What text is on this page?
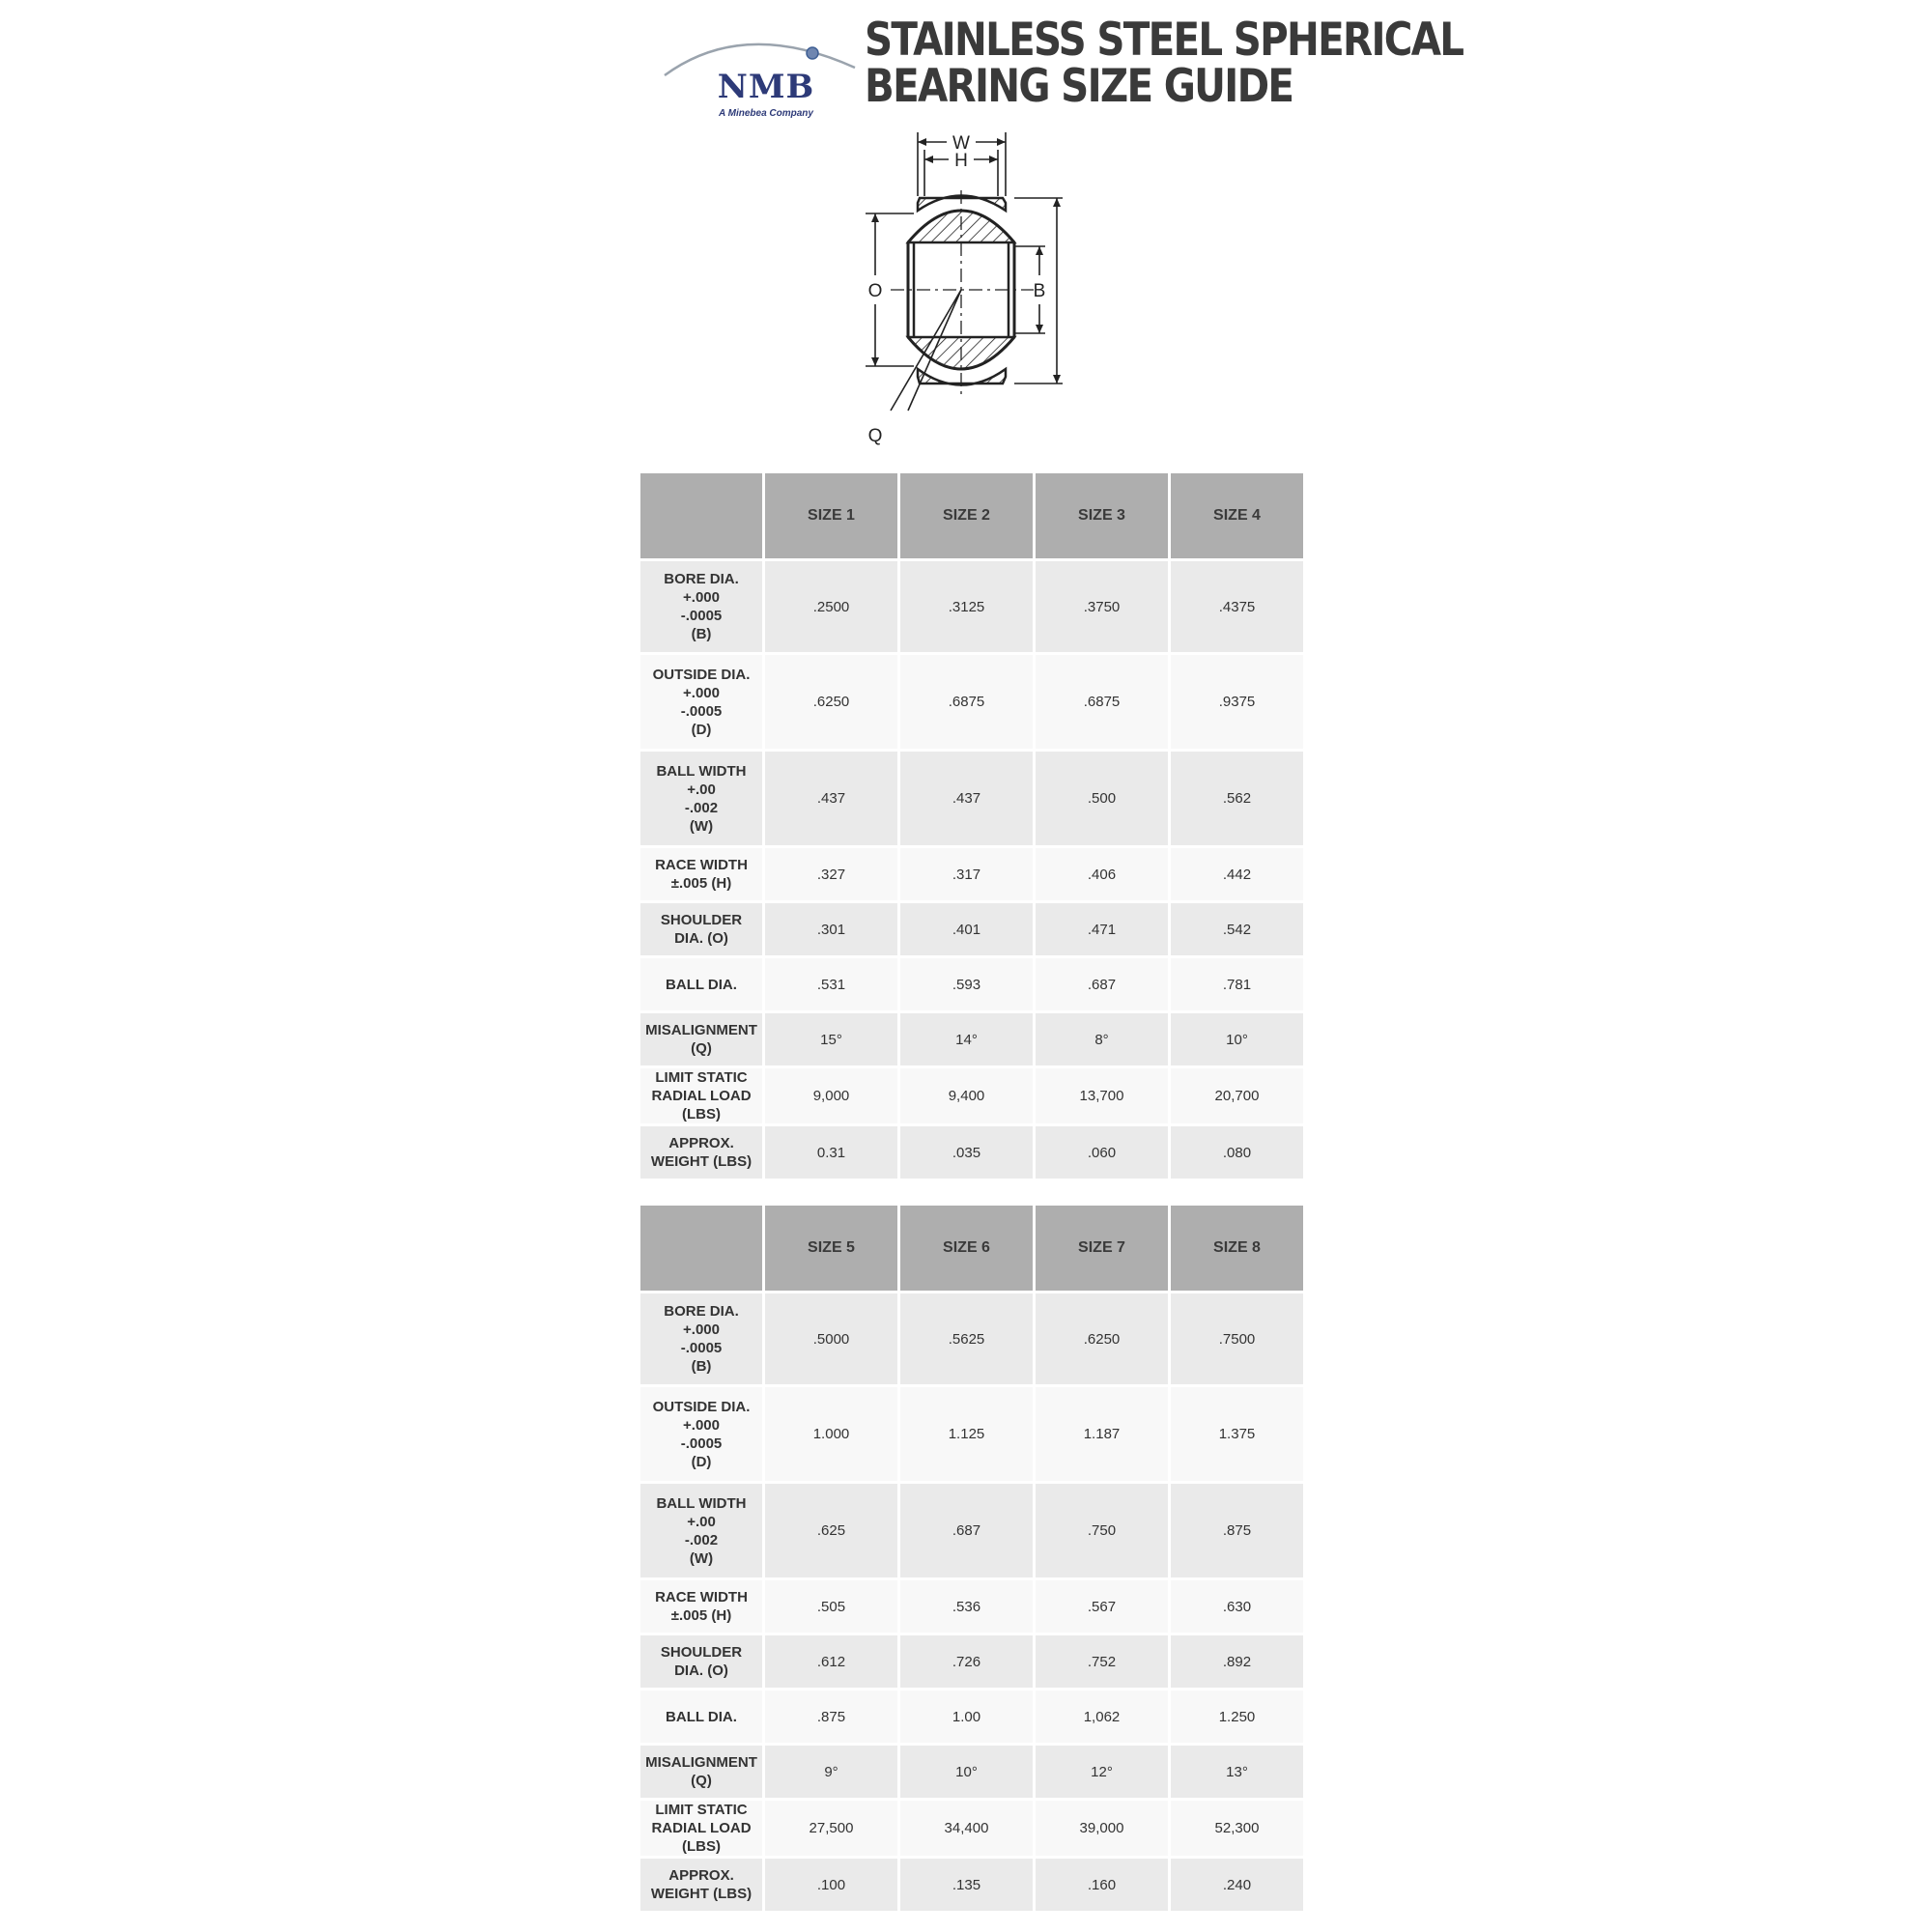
NMB
A Minebea Company
STAINLESS STEEL SPHERICAL
BEARING SIZE GUIDE
W
H
O	B
Q
	SIZE 1	SIZE 2	SIZE 3	SIZE 4
BORE DIA.
+.000
-.0005
(B)	.2500	.3125	.3750	.4375
OUTSIDE DIA.
+.000
-.0005
(D)	.6250	.6875	.6875	.9375
BALL WIDTH
+.00
-.002
(W)	.437	.437	.500	.562
RACE WIDTH
±.005 (H)	.327	.317	.406	.442
SHOULDER
DIA. (O)	.301	.401	.471	.542
BALL DIA.	.531	.593	.687	.781
MISALIGNMENT
(Q)	15°	14°	8°	10°
LIMIT STATIC
RADIAL LOAD
(LBS)	9,000	9,400	13,700	20,700
APPROX.
WEIGHT (LBS)	0.31	.035	.060	.080
	SIZE 5	SIZE 6	SIZE 7	SIZE 8
BORE DIA.
+.000
-.0005
(B)	.5000	.5625	.6250	.7500
OUTSIDE DIA.
+.000
-.0005
(D)	1.000	1.125	1.187	1.375
BALL WIDTH
+.00
-.002
(W)	.625	.687	.750	.875
RACE WIDTH
±.005 (H)	.505	.536	.567	.630
SHOULDER
DIA. (O)	.612	.726	.752	.892
BALL DIA.	.875	1.00	1,062	1.250
MISALIGNMENT
(Q)	9°	10°	12°	13°
LIMIT STATIC
RADIAL LOAD
(LBS)	27,500	34,400	39,000	52,300
APPROX.
WEIGHT (LBS)	.100	.135	.160	.240
